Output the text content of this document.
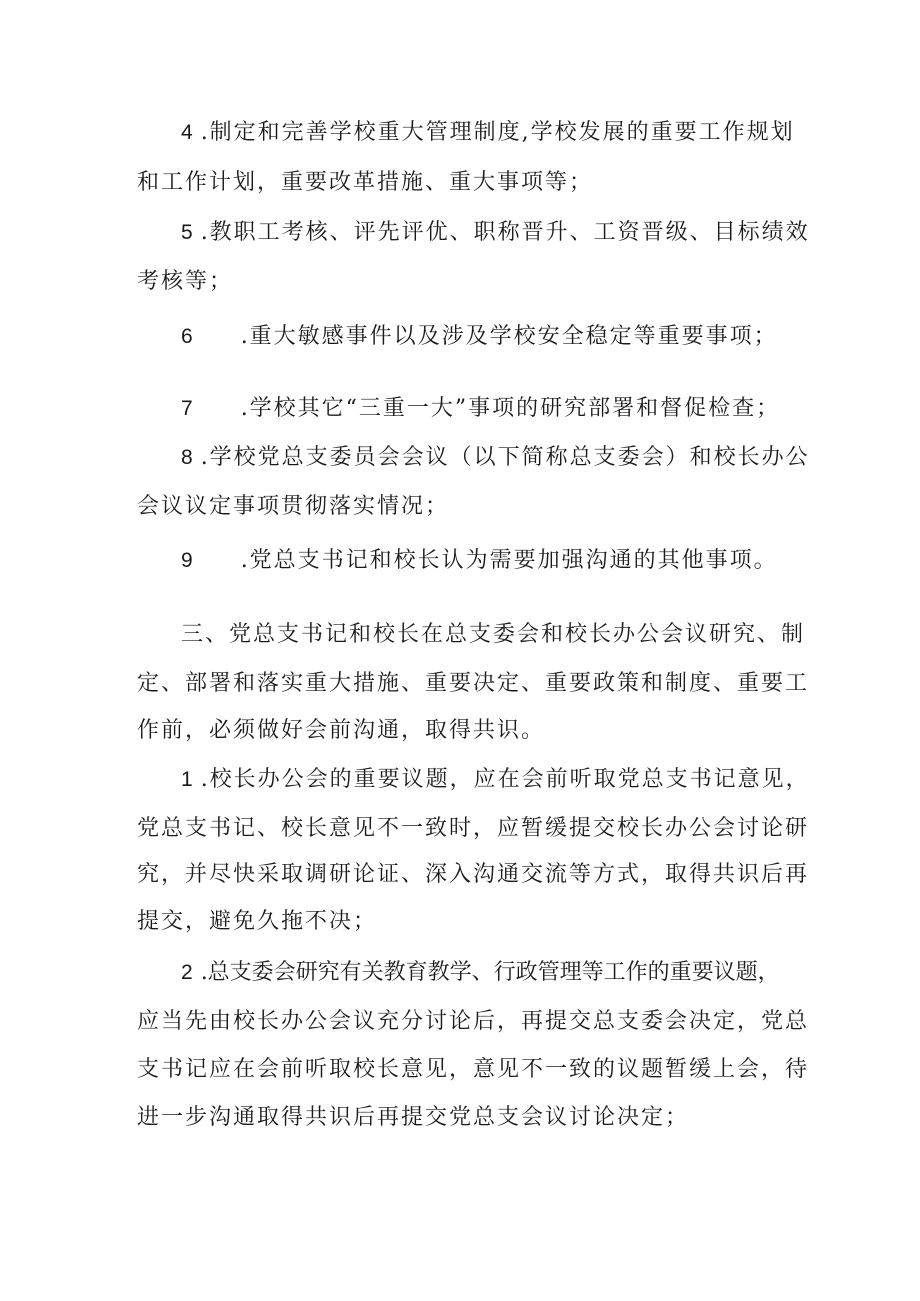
4 .制定和完善学校重大管理制度,学校发展的重要工作规划
和工作计划，重要改革措施、重大事项等；
5 .教职工考核、评先评优、职称晋升、工资晋级、目标绩效
考核等；
6 .重大敏感事件以及涉及学校安全稳定等重要事项；
7 .学校其它“三重一大”事项的研究部署和督促检查；
8 .学校党总支委员会会议（以下简称总支委会）和校长办公
会议议定事项贯彻落实情况；
9 .党总支书记和校长认为需要加强沟通的其他事项。
三、党总支书记和校长在总支委会和校长办公会议研究、制
定、部署和落实重大措施、重要决定、重要政策和制度、重要工
作前，必须做好会前沟通，取得共识。
1 .校长办公会的重要议题，应在会前听取党总支书记意见，
党总支书记、校长意见不一致时，应暂缓提交校长办公会讨论研
究，并尽快采取调研论证、深入沟通交流等方式，取得共识后再
提交，避免久拖不决；
2 .总支委会研究有关教育教学、行政管理等工作的重要议题，
应当先由校长办公会议充分讨论后，再提交总支委会决定，党总
支书记应在会前听取校长意见，意见不一致的议题暂缓上会，待
进一步沟通取得共识后再提交党总支会议讨论决定；
